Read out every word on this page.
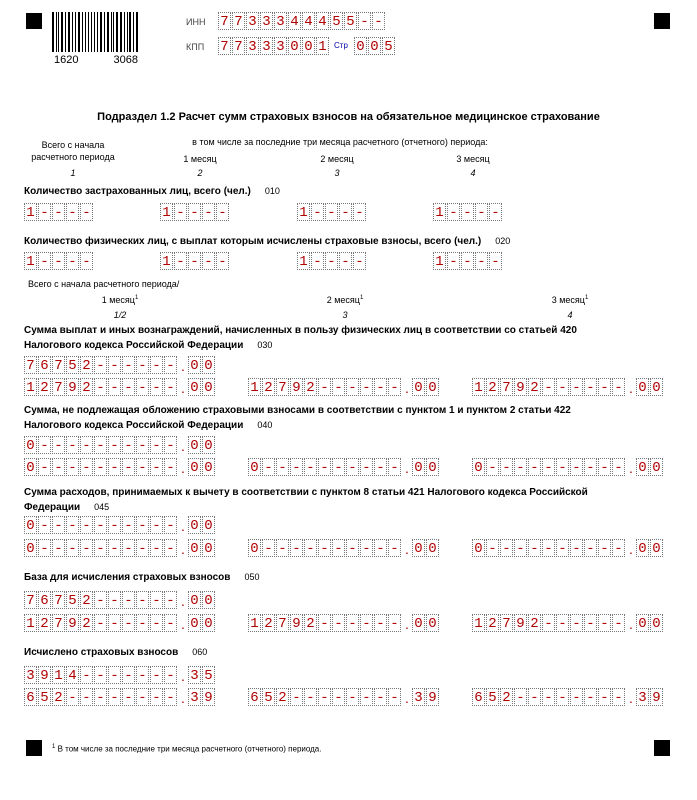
1620	3068
ИНН 7 7 3 3 3 4 4 4 5 5 - -
КПП 7 7 3 3 3 0 0 1 Стр 0 0 5
Подраздел 1.2 Расчет сумм страховых взносов на обязательное медицинское страхование
Всего с начала
расчетного периода
1
в том числе за последние три месяца расчетного (отчетного) периода:
1 месяц
2
2 месяц
3
3 месяц
4
Количество застрахованных лиц, всего (чел.) 010
1 - - - -	1 - - - -	1 - - - -	1 - - - -
Количество физических лиц, с выплат которым исчислены страховые взносы, всего (чел.) 020
1 - - - -	1 - - - -	1 - - - -	1 - - - -
Всего с начала расчетного периода/
1 месяц$^1$
1/2
2 месяц$^1$
3
3 месяц$^1$
4
Сумма выплат и иных вознаграждений, начисленных в пользу физических лиц в соответствии со статьей 420
Налогового кодекса Российской Федерации 030
7 6 7 5 2 - - - - - - . 0 0
1 2 7 9 2 - - - - - - . 0 0	1 2 7 9 2 - - - - - - . 0 0	1 2 7 9 2 - - - - - - . 0 0
Сумма, не подлежащая обложению страховыми взносами в соответствии с пунктом 1 и пунктом 2 статьи 422
Налогового кодекса Российской Федерации 040
0 - - - - - - - - - - . 0 0
0 - - - - - - - - - - . 0 0	0 - - - - - - - - - - . 0 0	0 - - - - - - - - - - . 0 0
Сумма расходов, принимаемых к вычету в соответствии с пунктом 8 статьи 421 Налогового кодекса Российской
Федерации 045
0 - - - - - - - - - - . 0 0
0 - - - - - - - - - - . 0 0	0 - - - - - - - - - - . 0 0	0 - - - - - - - - - - . 0 0
База для исчисления страховых взносов 050
7 6 7 5 2 - - - - - - . 0 0
1 2 7 9 2 - - - - - - . 0 0	1 2 7 9 2 - - - - - - . 0 0	1 2 7 9 2 - - - - - - . 0 0
Исчислено страховых взносов 060
3 9 1 4 - - - - - - - . 3 5
6 5 2 - - - - - - - - . 3 9	6 5 2 - - - - - - - - . 3 9	6 5 2 - - - - - - - - . 3 9
$^1$ В том числе за последние три месяца расчетного (отчетного) периода.
